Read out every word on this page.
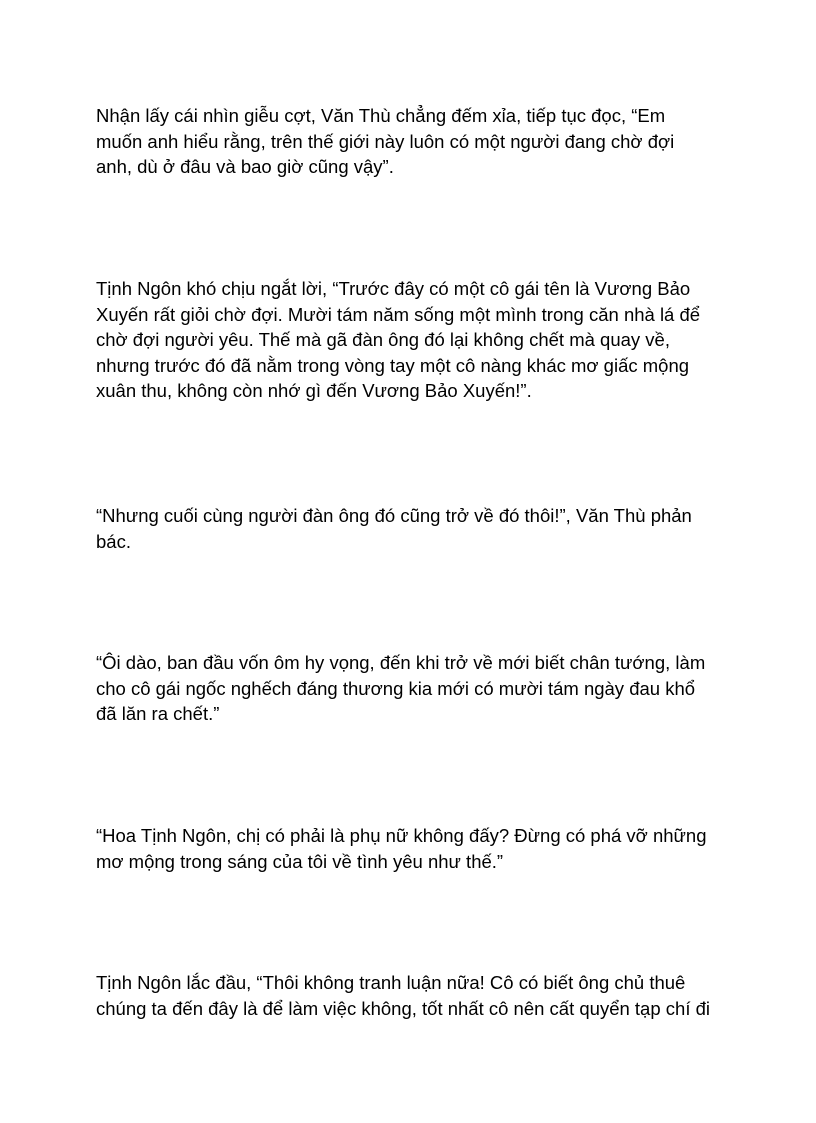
Nhận lấy cái nhìn giễu cợt, Văn Thù chẳng đếm xỉa, tiếp tục đọc, “Em
muốn anh hiểu rằng, trên thế giới này luôn có một người đang chờ đợi
anh, dù ở đâu và bao giờ cũng vậy”.

Tịnh Ngôn khó chịu ngắt lời, “Trước đây có một cô gái tên là Vương Bảo
Xuyến rất giỏi chờ đợi. Mười tám năm sống một mình trong căn nhà lá để
chờ đợi người yêu. Thế mà gã đàn ông đó lại không chết mà quay về,
nhưng trước đó đã nằm trong vòng tay một cô nàng khác mơ giấc mộng
xuân thu, không còn nhớ gì đến Vương Bảo Xuyến!”.

“Nhưng cuối cùng người đàn ông đó cũng trở về đó thôi!”, Văn Thù phản
bác.

“Ôi dào, ban đầu vốn ôm hy vọng, đến khi trở về mới biết chân tướng, làm
cho cô gái ngốc nghếch đáng thương kia mới có mười tám ngày đau khổ
đã lăn ra chết.”

“Hoa Tịnh Ngôn, chị có phải là phụ nữ không đấy? Đừng có phá vỡ những
mơ mộng trong sáng của tôi về tình yêu như thế.”

Tịnh Ngôn lắc đầu, “Thôi không tranh luận nữa! Cô có biết ông chủ thuê
chúng ta đến đây là để làm việc không, tốt nhất cô nên cất quyển tạp chí đi
